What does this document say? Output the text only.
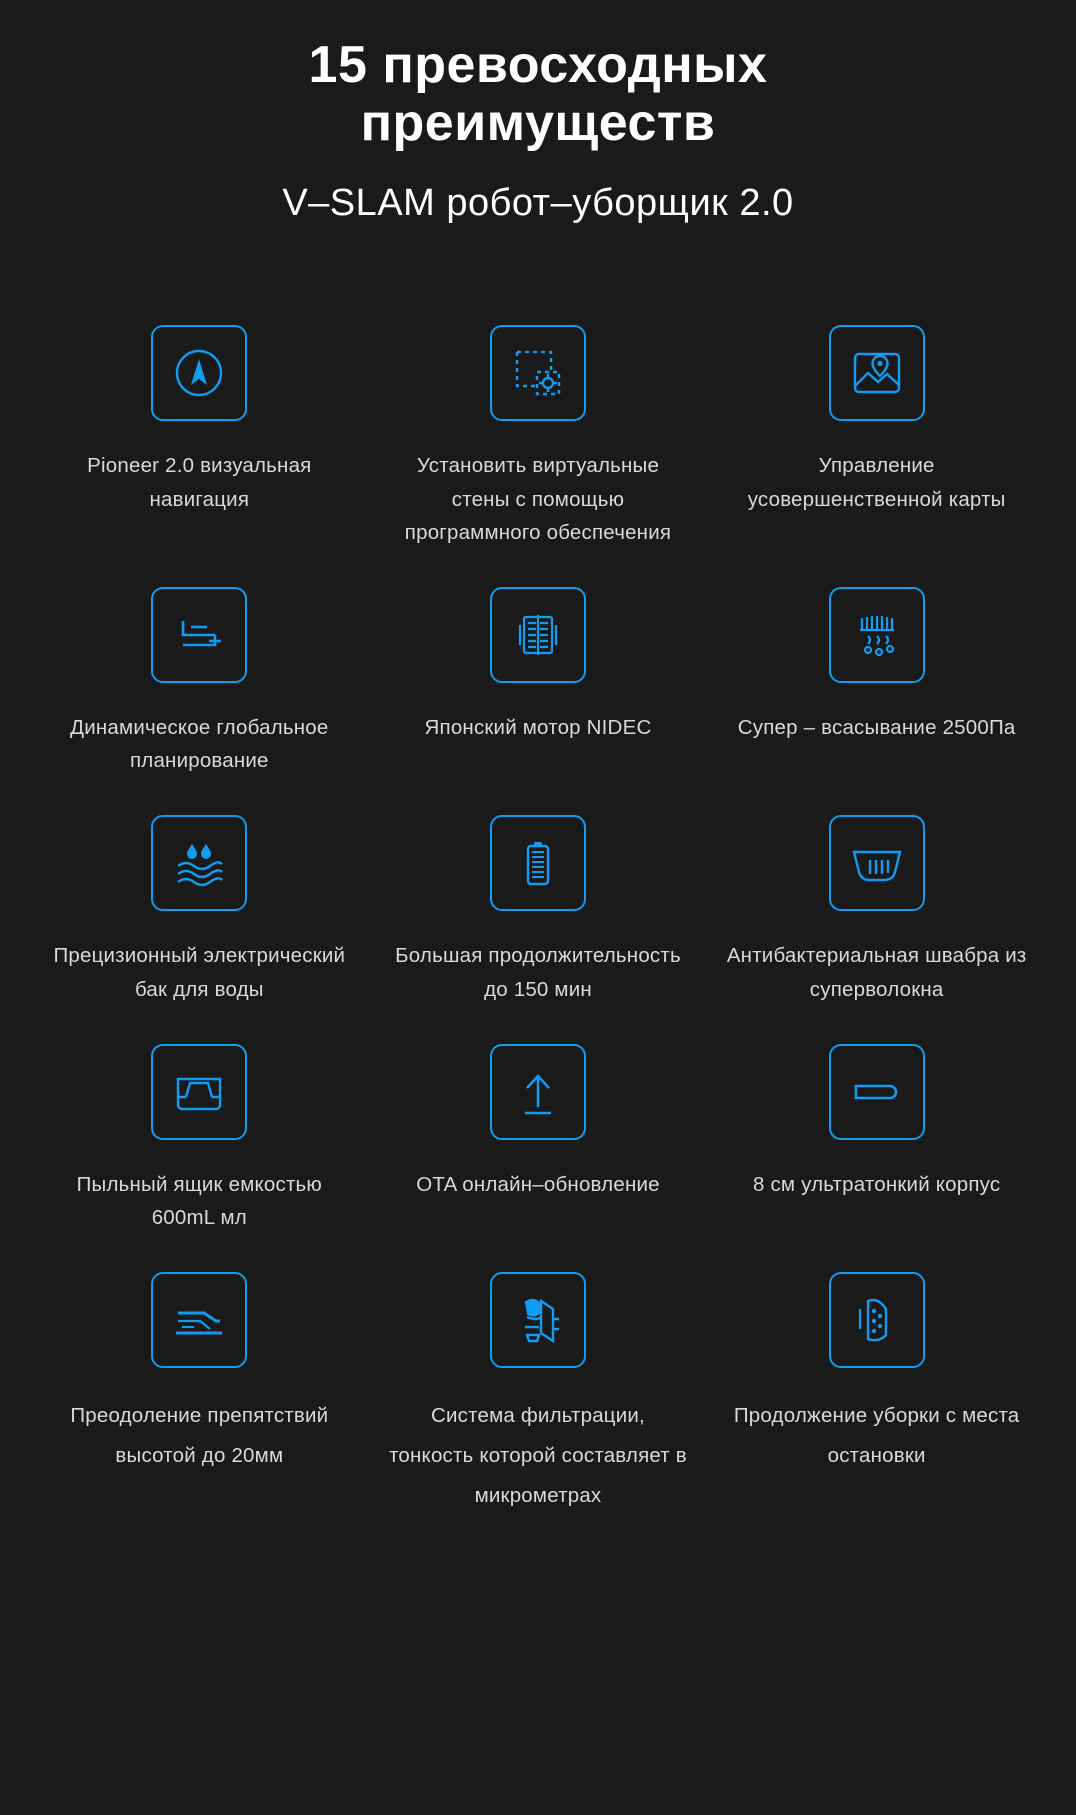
15 превосходных преимуществ
V–SLAM робот–уборщик 2.0
Pioneer 2.0 визуальная навигация
Установить виртуальные стены с помощью программного обеспечения
Управление усовершенственной карты
Динамическое глобальное планирование
Японский мотор NIDEC	Супер – всасывание 2500Па
Прецизионный электрический бак для воды
Большая продолжительность до 150 мин
Антибактериальная швабра из суперволокна
Пыльный ящик емкостью 600mL мл
OTA онлайн–обновление	8 см ультратонкий корпус
Преодоление препятствий высотой до 20мм
Система фильтрации, тонкость которой составляет в микрометрах
Продолжение уборки с места остановки
